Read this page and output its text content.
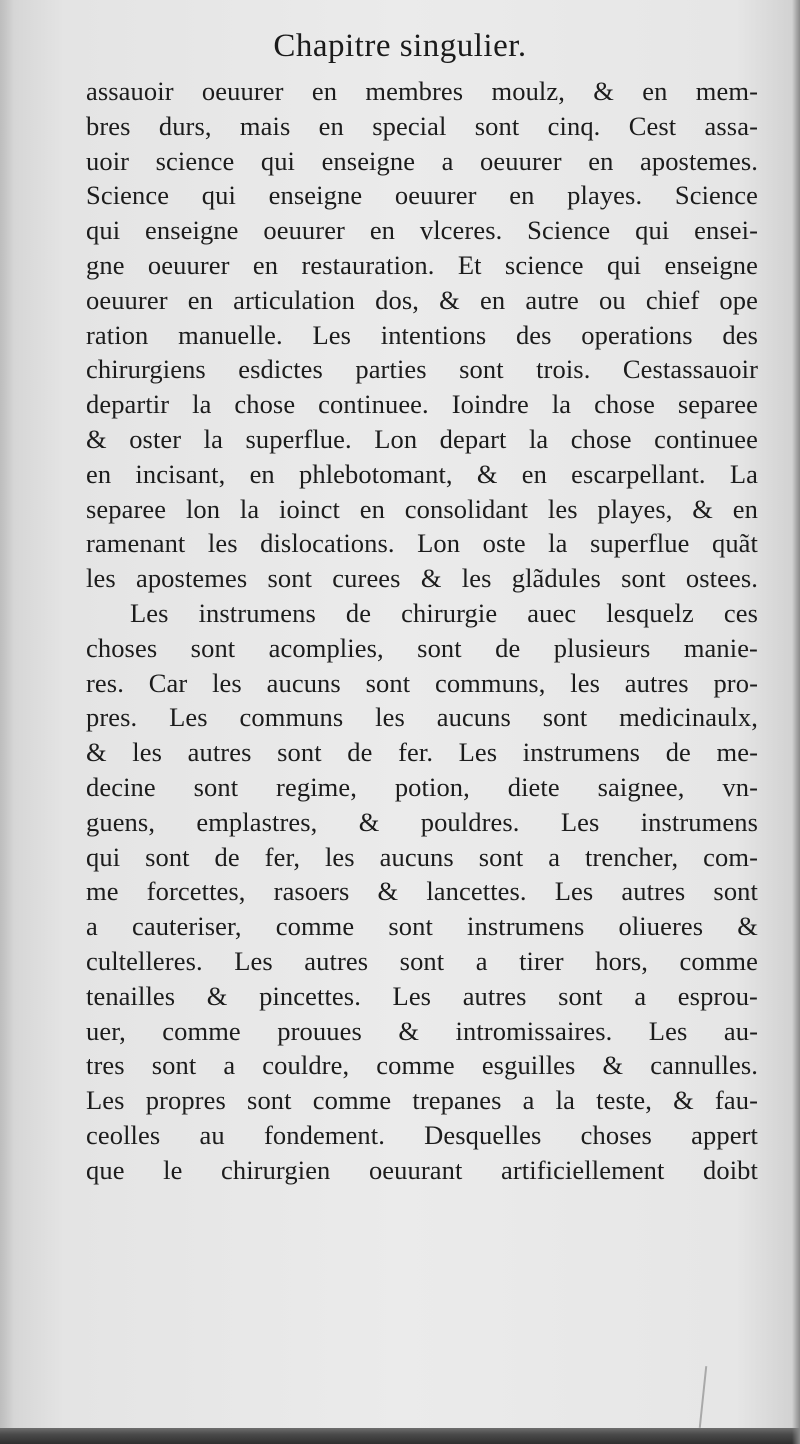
Chapitre singulier.
assauoir oeuurer en membres moulz, & en mem-
bres durs, mais en special sont cinq. Cest assa-
uoir science qui enseigne a oeuurer en apostemes.
Science qui enseigne oeuurer en playes. Science
qui enseigne oeuurer en vlceres. Science qui ensei-
gne oeuurer en restauration. Et science qui enseigne
oeuurer en articulation dos, & en autre ou chief ope
ration manuelle. Les intentions des operations des
chirurgiens esdictes parties sont trois. Cestassauoir
departir la chose continuee. Ioindre la chose separee
& oster la superflue. Lon depart la chose continuee
en incisant, en phlebotomant, & en escarpellant. La
separee lon la ioinct en consolidant les playes, & en
ramenant les dislocations. Lon oste la superflue quãt
les apostemes sont curees & les glãdules sont ostees.
Les instrumens de chirurgie auec lesquelz ces
choses sont acomplies, sont de plusieurs manie-
res. Car les aucuns sont communs, les autres pro-
pres. Les communs les aucuns sont medicinaulx,
& les autres sont de fer. Les instrumens de me-
decine sont regime, potion, diete saignee, vn-
guens, emplastres, & pouldres. Les instrumens
qui sont de fer, les aucuns sont a trencher, com-
me forcettes, rasoers & lancettes. Les autres sont
a cauteriser, comme sont instrumens oliueres &
cultelleres. Les autres sont a tirer hors, comme
tenailles & pincettes. Les autres sont a esprou-
uer, comme prouues & intromissaires. Les au-
tres sont a couldre, comme esguilles & cannulles.
Les propres sont comme trepanes a la teste, & fau-
ceolles au fondement. Desquelles choses appert
que le chirurgien oeuurant artificiellement doibt
